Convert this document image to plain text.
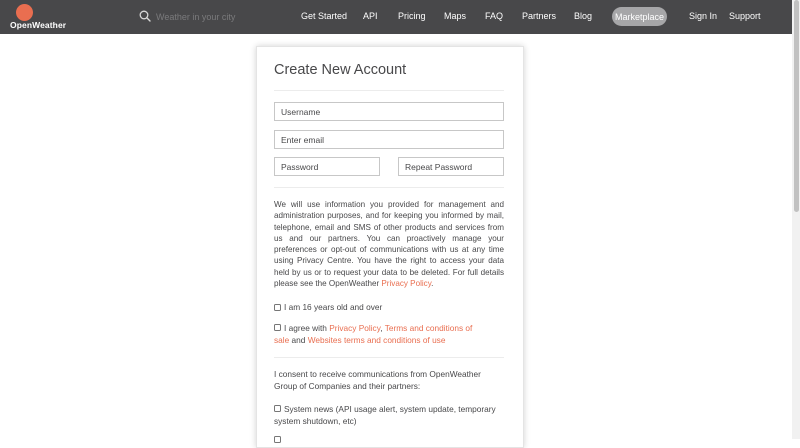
OpenWeather
Weather in your city
Get Started API Pricing Maps FAQ Partners Blog	Marketplace	Sign In Support
Create New Account
Username
Enter email
We will use information you provided for management and administration purposes, and for keeping you informed by mail, telephone, email and SMS of other products and services from us and our partners. You can proactively manage your preferences or opt-out of communications with us at any time using Privacy Centre. You have the right to access your data held by us or to request your data to be deleted. For full details please see the OpenWeather Privacy Policy.
I am 16 years old and over
I agree with Privacy Policy, Terms and conditions of sale and Websites terms and conditions of use
I consent to receive communications from OpenWeather Group of Companies and their partners:
System news (API usage alert, system update, temporary system shutdown, etc)
